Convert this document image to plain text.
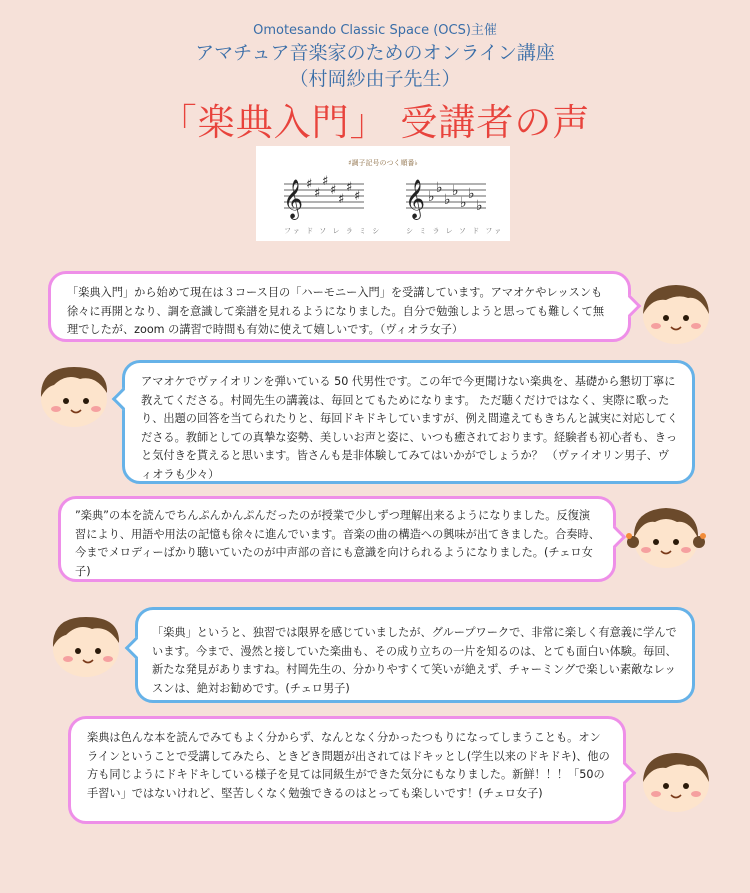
Omotesando Classic Space (OCS)主催
アマチュア音楽家のためのオンライン講座
（村岡紗由子先生）
「楽典入門」 受講者の声
♯調子記号のつく順番♭
𝄞	𝄞
♯
♯
♯
♯
♯
♯
♯	♭
♭
♭
♭
♭
♭
♭
ファ ド ソ レ ラ ミ シ	シ ミ ラ レ ソ ド ファ
「楽典入門」から始めて現在は３コース目の「ハーモニー入門」を受講しています。アマオケやレッスンも徐々に再開となり、調を意識して楽譜を見れるようになりました。自分で勉強しようと思っても難しくて無理でしたが、zoom の講習で時間も有効に使えて嬉しいです。（ヴィオラ女子）
アマオケでヴァイオリンを弾いている 50 代男性です。この年で今更聞けない楽典を、基礎から懇切丁寧に教えてくださる。村岡先生の講義は、毎回とてもためになります。 ただ聴くだけではなく、実際に歌ったり、出題の回答を当てられたりと、毎回ドキドキしていますが、例え間違えてもきちんと誠実に対応してくださる。教師としての真摯な姿勢、美しいお声と姿に、いつも癒されております。経験者も初心者も、きっと気付きを貰えると思います。皆さんも是非体験してみてはいかがでしょうか？ （ヴァイオリン男子、ヴィオラも少々）
”楽典”の本を読んでちんぷんかんぷんだったのが授業で少しずつ理解出来るようになりました。反復演習により、用語や用法の記憶も徐々に進んでいます。音楽の曲の構造への興味が出てきました。合奏時、今までメロディーばかり聴いていたのが中声部の音にも意識を向けられるようになりました。(チェロ女子)
「楽典」というと、独習では限界を感じていましたが、グループワークで、非常に楽しく有意義に学んでいます。今まで、漫然と接していた楽曲も、その成り立ちの一片を知るのは、とても面白い体験。毎回、新たな発見がありますね。村岡先生の、分かりやすくて笑いが絶えず、チャーミングで楽しい素敵なレッスンは、絶対お勧めです。(チェロ男子)
楽典は色んな本を読んでみてもよく分からず、なんとなく分かったつもりになってしまうことも。オンラインということで受講してみたら、ときどき問題が出されてはドキッとし(学生以来のドキドキ)、他の方も同じようにドキドキしている様子を見ては同級生ができた気分にもなりました。新鮮！！！「50の手習い」ではないけれど、堅苦しくなく勉強できるのはとっても楽しいです！(チェロ女子)
